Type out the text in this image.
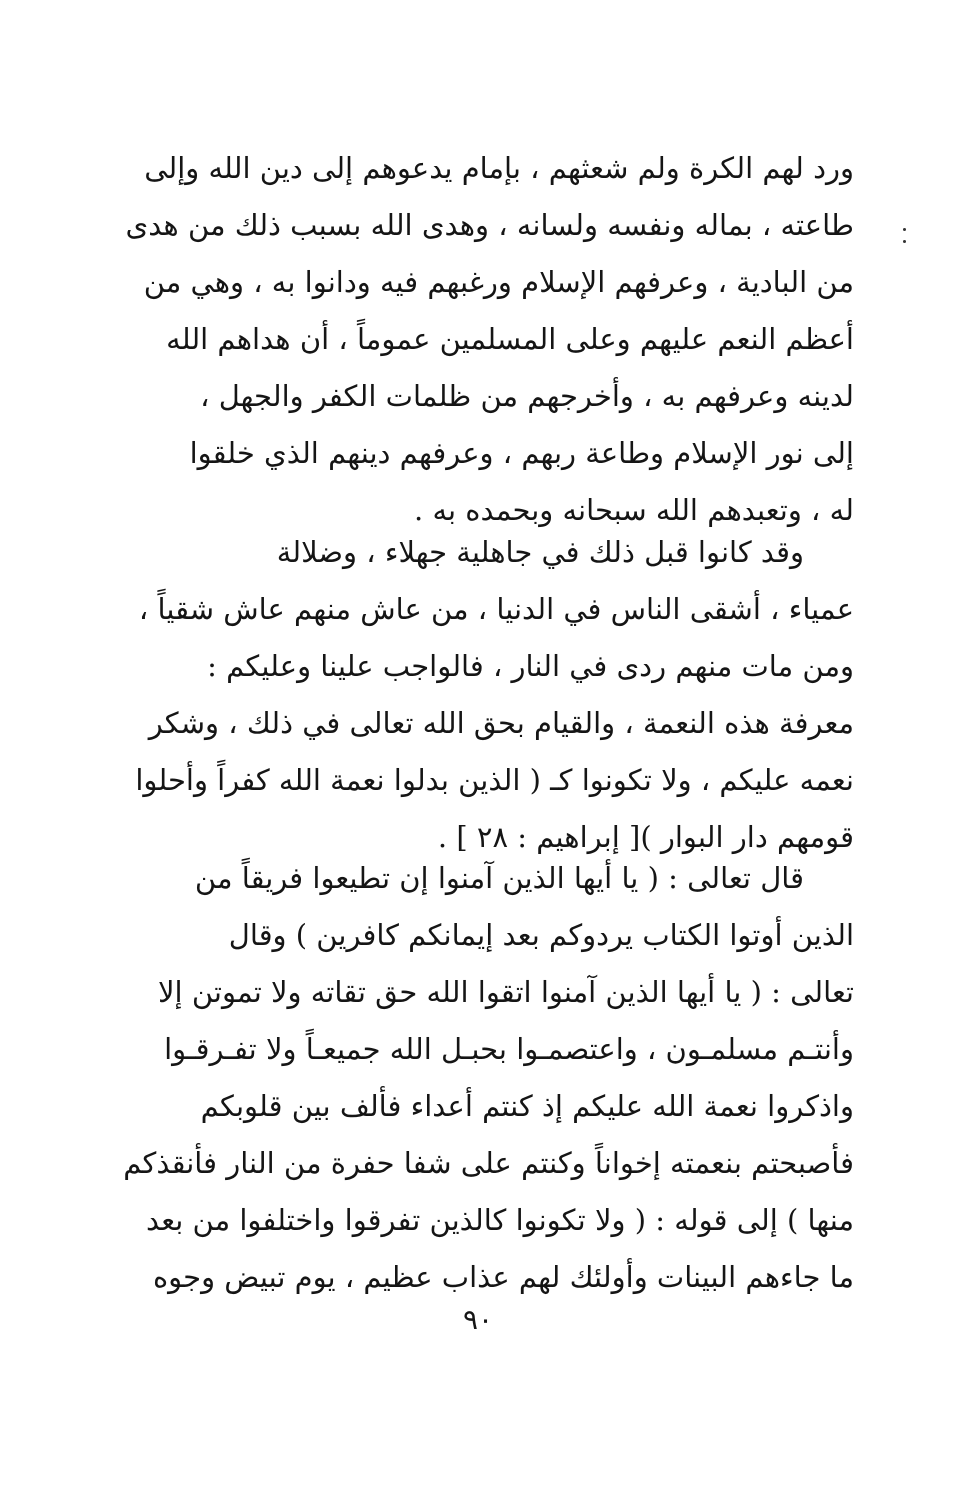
ورد لهم الكرة ولم شعثهم ، بإمام يدعوهم إلى دين الله وإلى
طاعته ، بماله ونفسه ولسانه ، وهدى الله بسبب ذلك من هدى
من البادية ، وعرفهم الإسلام ورغبهم فيه ودانوا به ، وهي من
أعظم النعم عليهم وعلى المسلمين عموماً ، أن هداهم الله
لدينه وعرفهم به ، وأخرجهم من ظلمات الكفر والجهل ،
إلى نور الإسلام وطاعة ربهم ، وعرفهم دينهم الذي خلقوا
له ، وتعبدهم الله سبحانه وبحمده به .
وقد كانوا قبل ذلك في جاهلية جهلاء ، وضلالة
عمياء ، أشقى الناس في الدنيا ، من عاش منهم عاش شقياً ،
ومن مات منهم ردى في النار ، فالواجب علينا وعليكم :
معرفة هذه النعمة ، والقيام بحق الله تعالى في ذلك ، وشكر
نعمه عليكم ، ولا تكونوا كـ ( الذين بدلوا نعمة الله كفراً وأحلوا
قومهم دار البوار )[ إبراهيم : ٢٨ ] .
قال تعالى : ( يا أيها الذين آمنوا إن تطيعوا فريقاً من
الذين أوتوا الكتاب يردوكم بعد إيمانكم كافرين ) وقال
تعالى : ( يا أيها الذين آمنوا اتقوا الله حق تقاته ولا تموتن إلا
وأنتـم مسلمـون ، واعتصمـوا بحبـل الله جميعـاً ولا تفـرقـوا
واذكروا نعمة الله عليكم إذ كنتم أعداء فألف بين قلوبكم
فأصبحتم بنعمته إخواناً وكنتم على شفا حفرة من النار فأنقذكم
منها ) إلى قوله : ( ولا تكونوا كالذين تفرقوا واختلفوا من بعد
ما جاءهم البينات وأولئك لهم عذاب عظيم ، يوم تبيض وجوه
٩٠
